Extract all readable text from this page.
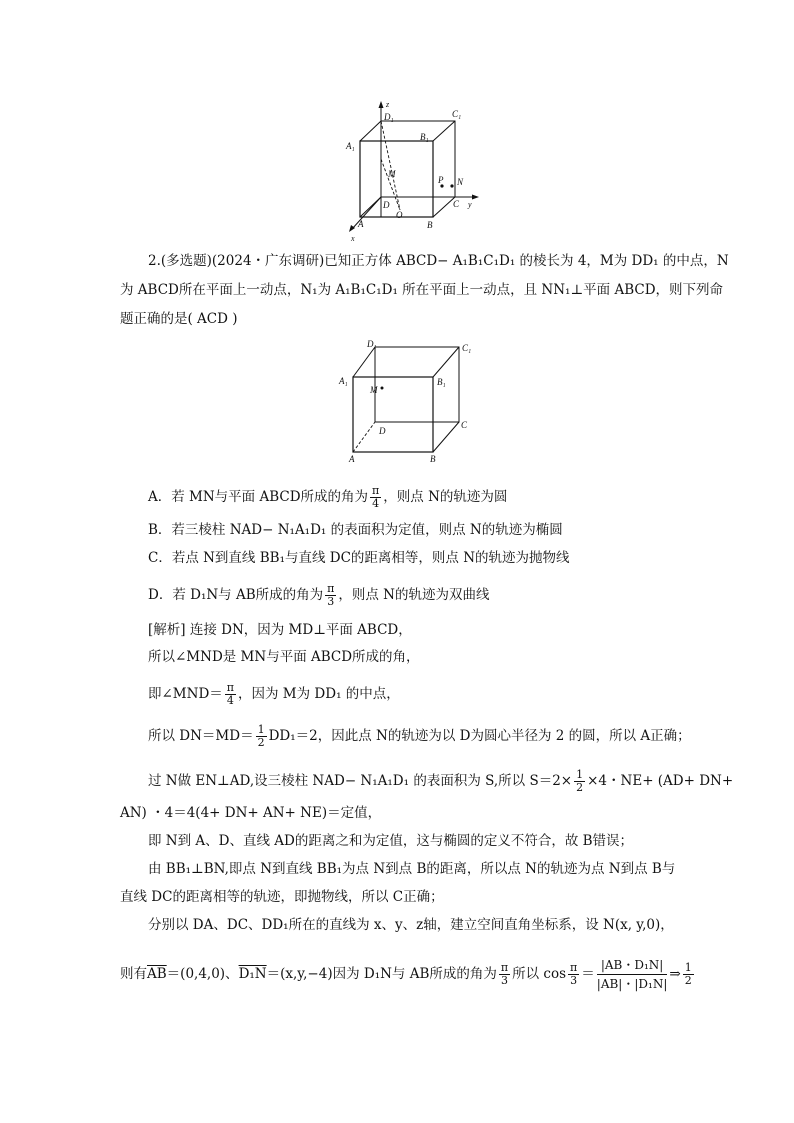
z
D₁	C₁
A₁
B₁
M
P N
D
O
C y
A	B
x
2.(多选题)(2024・广东调研)已知正方体 ABCD− A₁B₁C₁D₁ 的棱长为 4，M为 DD₁ 的中点，N
为 ABCD所在平面上一动点，N₁为 A₁B₁C₁D₁ 所在平面上一动点，且 NN₁⊥平面 ABCD，则下列命
题正确的是( ACD )
D₁	C₁
A₁	B₁
M
D
C
A	B
A．若 MN与平面 ABCD所成的角为 $\frac{\pi}{4}$ ，则点 N的轨迹为圆
B．若三棱柱 NAD− N₁A₁D₁ 的表面积为定值，则点 N的轨迹为椭圆
C．若点 N到直线 BB₁与直线 DC的距离相等，则点 N的轨迹为抛物线
D．若 D₁N与 AB所成的角为 $\frac{\pi}{3}$ ，则点 N的轨迹为双曲线
[解析] 连接 DN，因为 MD⊥平面 ABCD，
所以∠MND是 MN与平面 ABCD所成的角，
即∠MND＝ $\frac{\pi}{4}$ ，因为 M为 DD₁ 的中点，
所以 $DN=MD= \frac{1}{2} DD_1=2$，因此点 N的轨迹为以 D为圆心半径为 2 的圆，所以 A正确；
过 N做 EN⊥AD,设三棱柱 NAD− N₁A₁D₁ 的表面积为 S,所以 $S=2\times \frac{1}{2} \times 4$・NE+ (AD+ DN+
AN) ・4＝4(4+ DN+ AN+ NE)＝定值，
即 N到 A、D、直线 AD的距离之和为定值，这与椭圆的定义不符合，故 B错误；
由 BB₁⊥BN,即点 N到直线 BB₁为点 N到点 B的距离，所以点 N的轨迹为点 N到点 B与
直线 DC的距离相等的轨迹，即抛物线，所以 C正确；
分别以 DA、DC、DD₁所在的直线为 x、y、z轴，建立空间直角坐标系，设 N(x, y,0)，
则有$\overline{AB}=(0,4,0)$、D₁N＝(x,y,−4)因为 D₁N与 AB所成的角为 $\frac{\pi}{3}$ 所以 $\cos \frac{\pi}{3} = \frac{\text{|AB・D₁N|}}{\text{|AB|・|D₁N|}}$ ⇒ $\frac{1}{2}$
